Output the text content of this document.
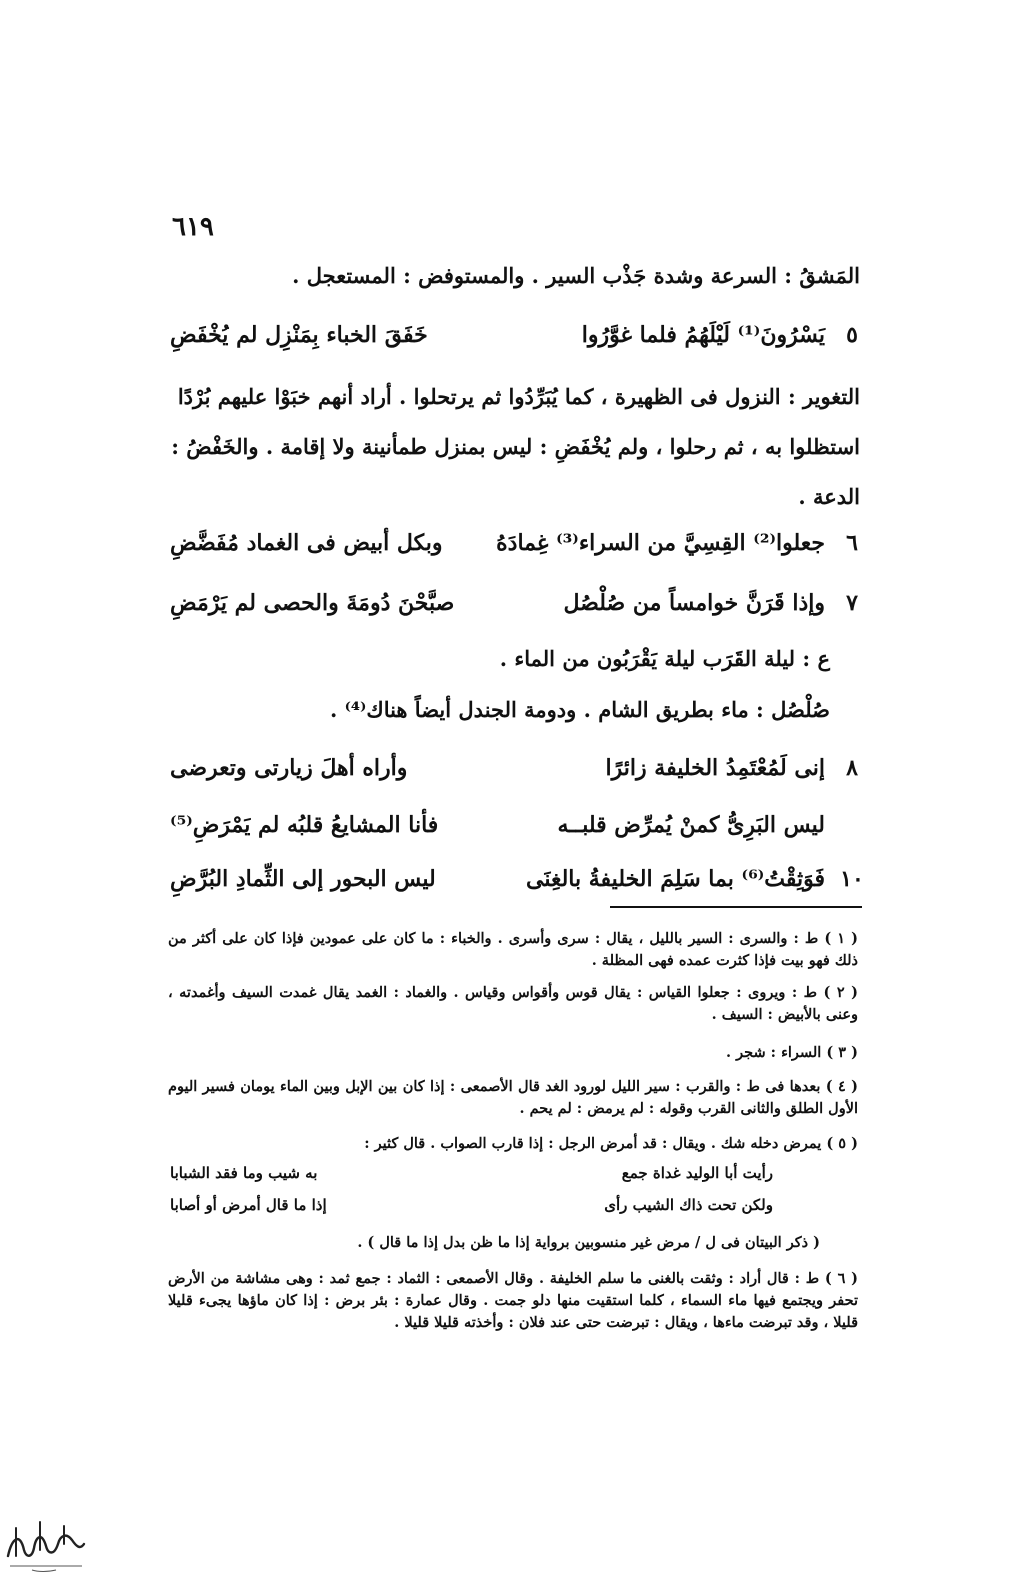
٦١٩
المَشقُ : السرعة وشدة جَذْب السير . والمستوفض : المستعجل .
٥
يَسْرُونَ⁽¹⁾ لَيْلَهُمُ فلما غوَّرُوا
خَفَقَ الخباء بِمَنْزِل لم يُخْفَضِ
التغوير : النزول فى الظهيرة ، كما يُبَرِّدُوا ثم يرتحلوا . أراد أنهم خبَوْا عليهم بُرْدًا استظلوا به ، ثم رحلوا ، ولم يُخْفَضِ : ليس بمنزل طمأنينة ولا إقامة . والخَفْضُ : الدعة .
٦
جعلوا⁽²⁾ القِسِيَّ من السراء⁽³⁾ غِمادَهُ
وبكل أبيض فى الغماد مُفَضَّضِ
٧
وإذا قَرَنَّ خوامساً من صُلْصُل
صبَّحْنَ دُومَةَ والحصى لم يَرْمَضِ
ع : ليلة القَرَب ليلة يَقْرَبُون من الماء .
صُلْصُل : ماء بطريق الشام . ودومة الجندل أيضاً هناك⁽⁴⁾ .
٨
إنى لَمُعْتَمِدُ الخليفة زائرًا
وأراه أهلَ زيارتى وتعرضى
ليس البَرِىُّ كمنْ يُمرِّض قلبــه
فأنا المشايعُ قلبُه لم يَمْرَضِ⁽⁵⁾
١٠
فَوَثِقْتُ⁽⁶⁾ بما سَلِمَ الخليفةُ بالغِنَى
ليس البحور إلى الثِّمادِ البُرَّضِ
( ١ ) ط : والسرى : السير بالليل ، يقال : سرى وأسرى . والخباء : ما كان على عمودين فإذا كان على أكثر من ذلك فهو بيت فإذا كثرت عمده فهى المظلة .
( ٢ ) ط : ويروى : جعلوا القياس : يقال قوس وأقواس وقياس . والغماد : الغمد يقال غمدت السيف وأغمدته ، وعنى بالأبيض : السيف .
( ٣ ) السراء : شجر .
( ٤ ) بعدها فى ط : والقرب : سير الليل لورود الغد قال الأصمعى : إذا كان بين الإبل وبين الماء يومان فسير اليوم الأول الطلق والثانى القرب وقوله : لم يرمض : لم يحم .
( ٥ ) يمرض دخله شك . ويقال : قد أمرض الرجل : إذا قارب الصواب . قال كثير :
رأيت أبا الوليد غداة جمع
به شيب وما فقد الشبابا
ولكن تحت ذاك الشيب رأى
إذا ما قال أمرض أو أصابا
( ذكر البيتان فى ل / مرض غير منسوبين برواية إذا ما ظن بدل إذا ما قال ) .
( ٦ ) ط : قال أراد : وثقت بالغنى ما سلم الخليفة . وقال الأصمعى : الثماد : جمع ثمد : وهى مشاشة من الأرض تحفر ويجتمع فيها ماء السماء ، كلما استقيت منها دلو جمت . وقال عمارة : بئر برض : إذا كان ماؤها يجىء قليلا قليلا ، وقد تبرضت ماءها ، ويقال : تبرضت حتى عند فلان : وأخذته قليلا قليلا .
